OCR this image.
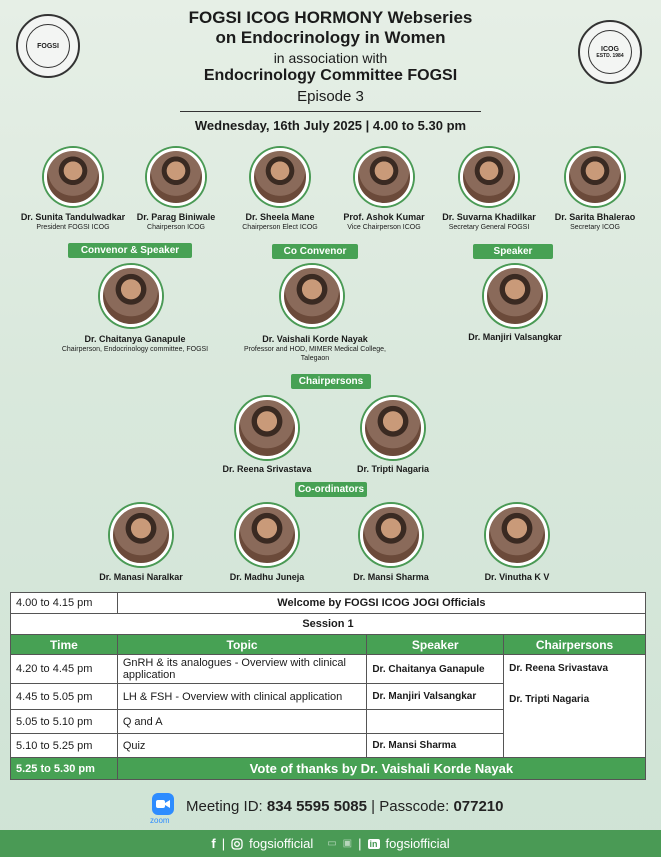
FOGSI	ICOG
ESTD. 1984
FOGSI ICOG HORMONY Webseries
on Endocrinology in Women
in association with
Endocrinology Committee FOGSI
Episode 3
Wednesday, 16th July 2025 | 4.00 to 5.30 pm
Dr. Sunita Tandulwadkar
President FOGSI ICOG
Dr. Parag Biniwale
Chairperson ICOG
Dr. Sheela Mane
Chairperson Elect ICOG
Prof. Ashok Kumar
Vice Chairperson ICOG
Dr. Suvarna Khadilkar
Secretary General FOGSI
Dr. Sarita Bhalerao
Secretary ICOG
Convenor & Speaker	Co Convenor	Speaker
Dr. Chaitanya Ganapule
Chairperson, Endocrinology committee, FOGSI
Dr. Vaishali Korde Nayak
Professor and HOD, MIMER Medical College,
Talegaon
Dr. Manjiri Valsangkar
Chairpersons
Dr. Reena Srivastava	Dr. Tripti Nagaria
Co-ordinators
Dr. Manasi Naralkar	Dr. Madhu Juneja	Dr. Mansi Sharma	Dr. Vinutha K V
4.00 to 4.15 pm	Welcome by FOGSI ICOG JOGI Officials		
Session 1			
Time	Topic	Speaker	Chairpersons
4.20 to 4.45 pm	GnRH & its analogues - Overview with clinical application	Dr. Chaitanya Ganapule	Dr. Reena Srivastava
Dr. Tripti Nagaria

4.45 to 5.05 pm	LH & FSH - Overview with clinical application	Dr. Manjiri Valsangkar	
5.05 to 5.10 pm	Q and A		
5.10 to 5.25 pm	Quiz	Dr. Mansi Sharma	
5.25 to 5.30 pm	Vote of thanks by Dr. Vaishali Korde Nayak		
zoom
Meeting ID: 834 5595 5085 | Passcode: 077210
f | fogsiofficial ▭ ▣ | in fogsiofficial
